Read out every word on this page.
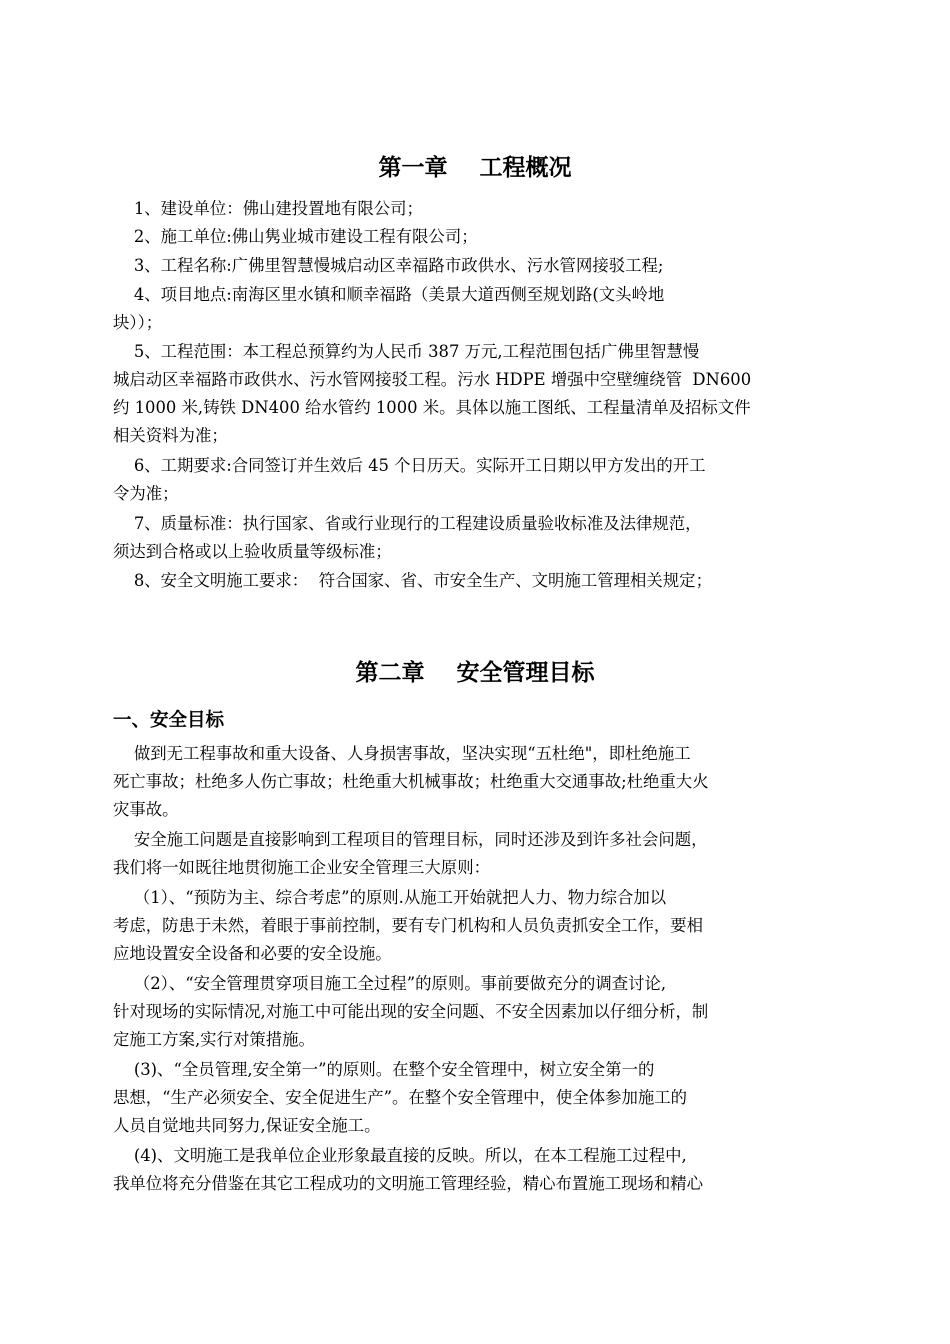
第一章    工程概况
1、建设单位：佛山建投置地有限公司；
2、施工单位:佛山隽业城市建设工程有限公司；
3、工程名称:广佛里智慧慢城启动区幸福路市政供水、污水管网接驳工程;
4、项目地点:南海区里水镇和顺幸福路（美景大道西侧至规划路(文头岭地
块））；
5、工程范围：本工程总预算约为人民币 387 万元,工程范围包括广佛里智慧慢
城启动区幸福路市政供水、污水管网接驳工程。污水 HDPE 增强中空壁缠绕管  DN600
约 1000 米,铸铁 DN400 给水管约 1000 米。具体以施工图纸、工程量清单及招标文件
相关资料为准；
6、工期要求:合同签订并生效后 45 个日历天。实际开工日期以甲方发出的开工
令为准；
7、质量标准：执行国家、省或行业现行的工程建设质量验收标准及法律规范，
须达到合格或以上验收质量等级标准；
8、安全文明施工要求：  符合国家、省、市安全生产、文明施工管理相关规定；
第二章    安全管理目标
一、安全目标
做到无工程事故和重大设备、人身损害事故，坚决实现“五杜绝"，即杜绝施工
死亡事故；杜绝多人伤亡事故；杜绝重大机械事故；杜绝重大交通事故;杜绝重大火
灾事故。
安全施工问题是直接影响到工程项目的管理目标，同时还涉及到许多社会问题，
我们将一如既往地贯彻施工企业安全管理三大原则：
（1）、“预防为主、综合考虑”的原则.从施工开始就把人力、物力综合加以
考虑，防患于未然，着眼于事前控制，要有专门机构和人员负责抓安全工作，要相
应地设置安全设备和必要的安全设施。
（2）、“安全管理贯穿项目施工全过程”的原则。事前要做充分的调查讨论,
针对现场的实际情况,对施工中可能出现的安全问题、不安全因素加以仔细分析，制
定施工方案,实行对策措施。
(3)、“全员管理,安全第一”的原则。在整个安全管理中，树立安全第一的
思想，“生产必须安全、安全促进生产”。在整个安全管理中，使全体参加施工的
人员自觉地共同努力,保证安全施工。
(4)、文明施工是我单位企业形象最直接的反映。所以，在本工程施工过程中,
我单位将充分借鉴在其它工程成功的文明施工管理经验，精心布置施工现场和精心
